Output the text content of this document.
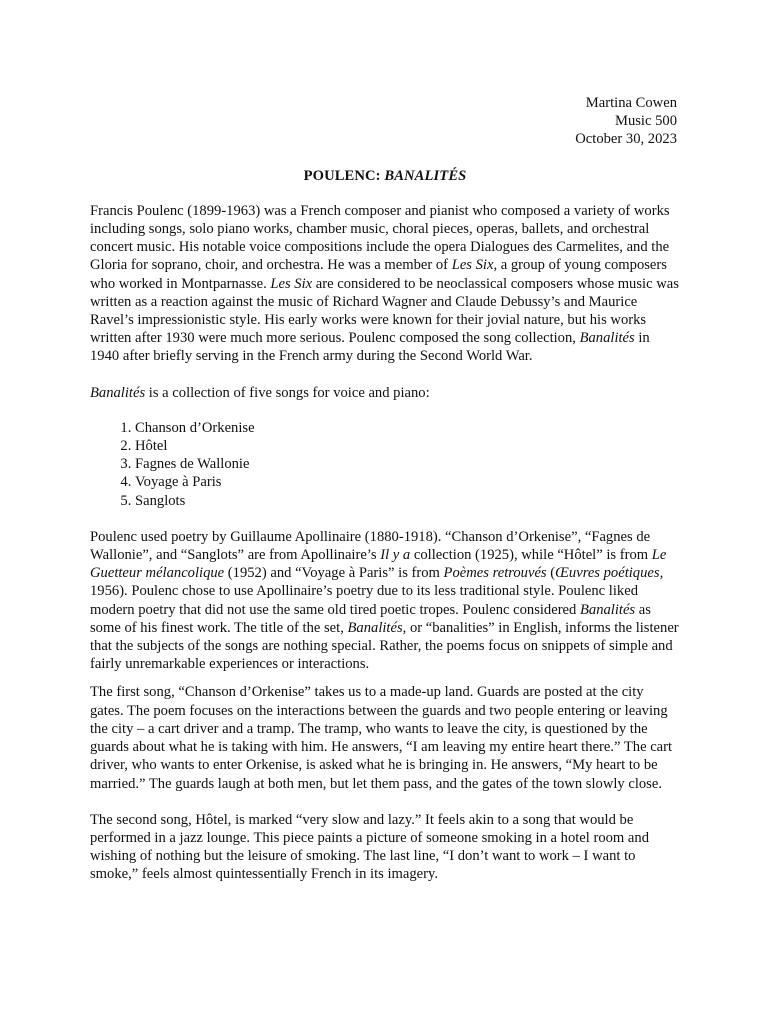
Martina Cowen
Music 500
October 30, 2023
POULENC: BANALITÉS

Francis Poulenc (1899-1963) was a French composer and pianist who composed a variety of works including songs, solo piano works, chamber music, choral pieces, operas, ballets, and orchestral concert music. His notable voice compositions include the opera Dialogues des Carmelites, and the Gloria for soprano, choir, and orchestra. He was a member of Les Six, a group of young composers who worked in Montparnasse. Les Six are considered to be neoclassical composers whose music was written as a reaction against the music of Richard Wagner and Claude Debussy’s and Maurice Ravel’s impressionistic style. His early works were known for their jovial nature, but his works written after 1930 were much more serious. Poulenc composed the song collection, Banalités in 1940 after briefly serving in the French army during the Second World War.

Banalités is a collection of five songs for voice and piano:

1. Chanson d’Orkenise
2. Hôtel
3. Fagnes de Wallonie
4. Voyage à Paris
5. Sanglots

Poulenc used poetry by Guillaume Apollinaire (1880-1918). “Chanson d’Orkenise”, “Fagnes de Wallonie”, and “Sanglots” are from Apollinaire’s Il y a collection (1925), while “Hôtel” is from Le Guetteur mélancolique (1952) and “Voyage à Paris” is from Poèmes retrouvés (Œuvres poétiques, 1956). Poulenc chose to use Apollinaire’s poetry due to its less traditional style. Poulenc liked modern poetry that did not use the same old tired poetic tropes. Poulenc considered Banalités as some of his finest work. The title of the set, Banalités, or “banalities” in English, informs the listener that the subjects of the songs are nothing special. Rather, the poems focus on snippets of simple and fairly unremarkable experiences or interactions.

The first song, “Chanson d’Orkenise” takes us to a made-up land. Guards are posted at the city gates. The poem focuses on the interactions between the guards and two people entering or leaving the city – a cart driver and a tramp. The tramp, who wants to leave the city, is questioned by the guards about what he is taking with him. He answers, “I am leaving my entire heart there.” The cart driver, who wants to enter Orkenise, is asked what he is bringing in. He answers, “My heart to be married.” The guards laugh at both men, but let them pass, and the gates of the town slowly close.

The second song, Hôtel, is marked “very slow and lazy.” It feels akin to a song that would be performed in a jazz lounge. This piece paints a picture of someone smoking in a hotel room and wishing of nothing but the leisure of smoking. The last line, “I don’t want to work – I want to smoke,” feels almost quintessentially French in its imagery.
